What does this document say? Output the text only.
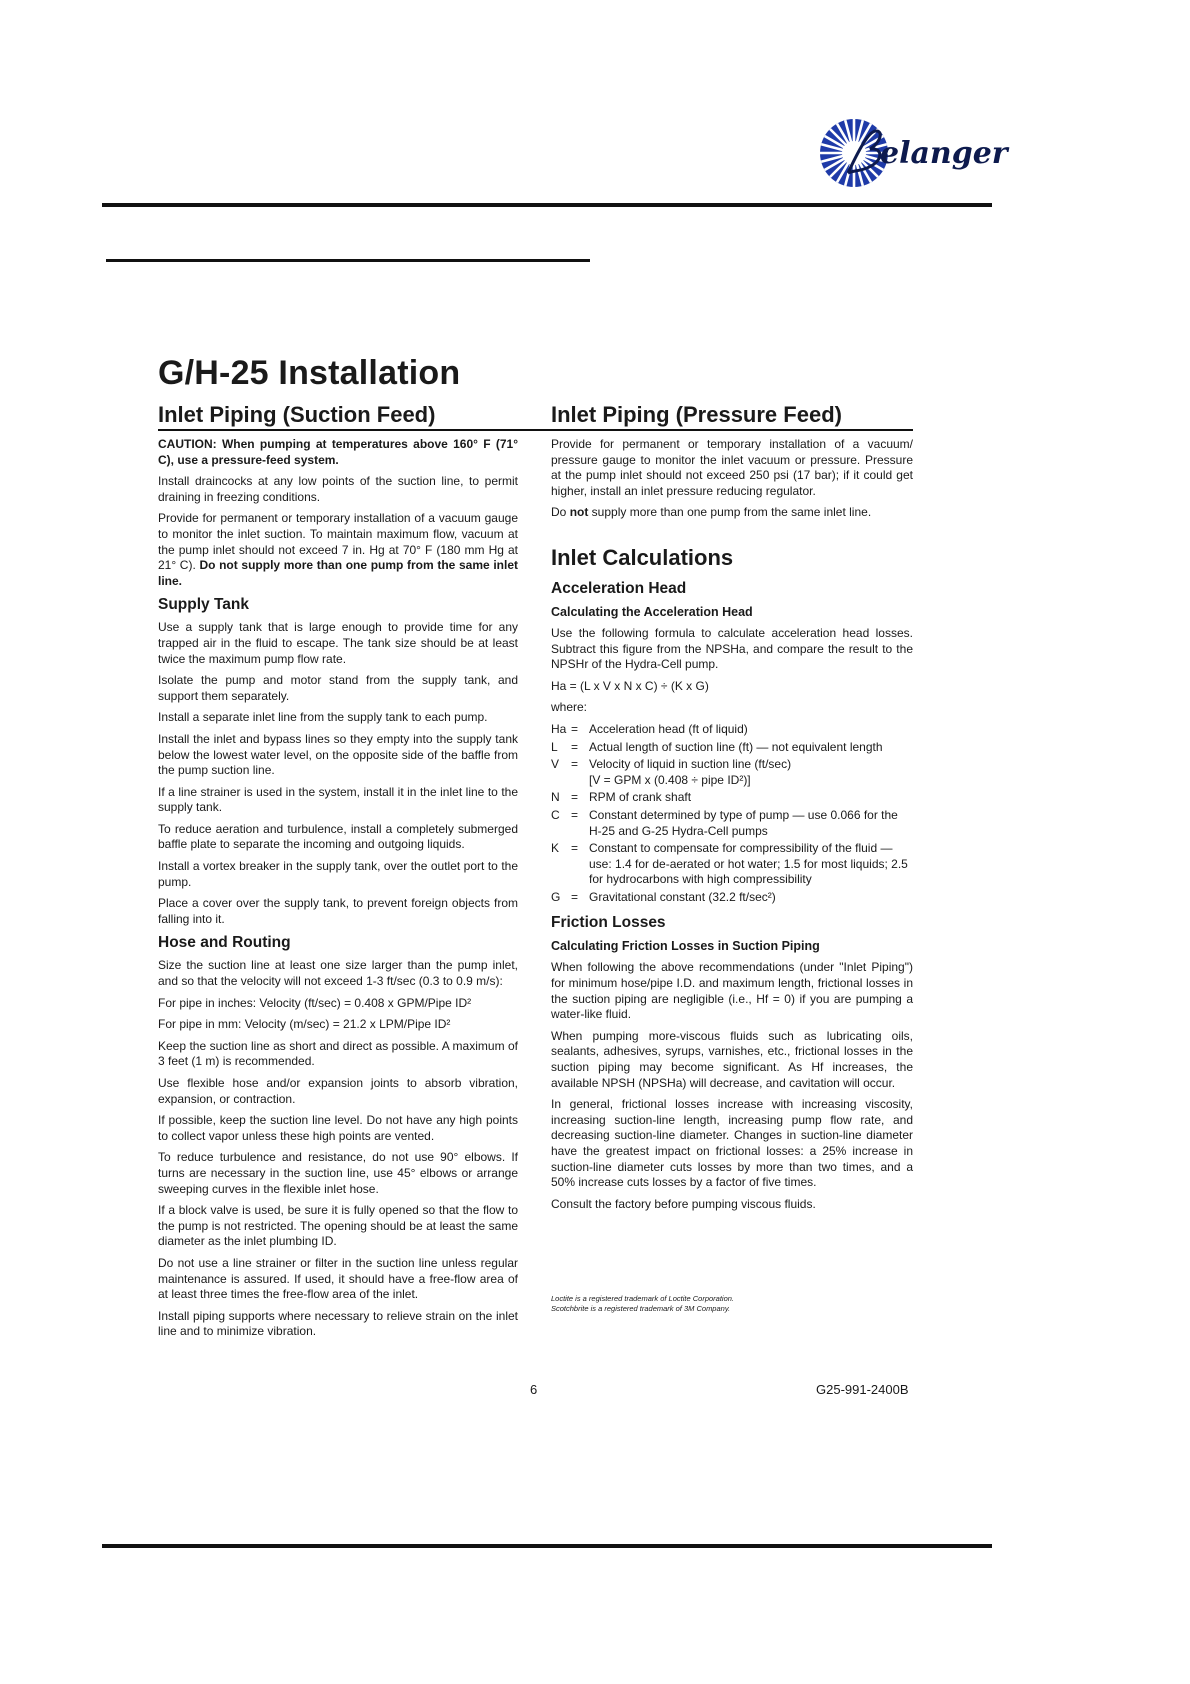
elanger
G/H-25 Installation
Inlet Piping (Suction Feed)

CAUTION: When pumping at temperatures above 160° F (71° C), use a pressure-feed system.

Install draincocks at any low points of the suction line, to permit draining in freezing conditions.

Provide for permanent or temporary installation of a vacuum gauge to monitor the inlet suction. To maintain maximum flow, vacuum at the pump inlet should not exceed 7 in. Hg at 70° F (180 mm Hg at 21° C). Do not supply more than one pump from the same inlet line.

Supply Tank

Use a supply tank that is large enough to provide time for any trapped air in the fluid to escape. The tank size should be at least twice the maximum pump flow rate.

Isolate the pump and motor stand from the supply tank, and support them separately.

Install a separate inlet line from the supply tank to each pump.

Install the inlet and bypass lines so they empty into the supply tank below the lowest water level, on the opposite side of the baffle from the pump suction line.

If a line strainer is used in the system, install it in the inlet line to the supply tank.

To reduce aeration and turbulence, install a completely submerged baffle plate to separate the incoming and outgoing liquids.

Install a vortex breaker in the supply tank, over the outlet port to the pump.

Place a cover over the supply tank, to prevent foreign objects from falling into it.

Hose and Routing

Size the suction line at least one size larger than the pump inlet, and so that the velocity will not exceed 1-3 ft/sec (0.3 to 0.9 m/s):

For pipe in inches: Velocity (ft/sec) = 0.408 x GPM/Pipe ID²

For pipe in mm: Velocity (m/sec) = 21.2 x LPM/Pipe ID²

Keep the suction line as short and direct as possible. A maximum of 3 feet (1 m) is recommended.

Use flexible hose and/or expansion joints to absorb vibration, expansion, or contraction.

If possible, keep the suction line level. Do not have any high points to collect vapor unless these high points are vented.

To reduce turbulence and resistance, do not use 90° elbows. If turns are necessary in the suction line, use 45° elbows or arrange sweeping curves in the flexible inlet hose.

If a block valve is used, be sure it is fully opened so that the flow to the pump is not restricted. The opening should be at least the same diameter as the inlet plumbing ID.

Do not use a line strainer or filter in the suction line unless regular maintenance is assured. If used, it should have a free-flow area of at least three times the free-flow area of the inlet.

Install piping supports where necessary to relieve strain on the inlet line and to minimize vibration.

Inlet Piping (Pressure Feed)

Provide for permanent or temporary installation of a vacuum/ pressure gauge to monitor the inlet vacuum or pressure. Pressure at the pump inlet should not exceed 250 psi (17 bar); if it could get higher, install an inlet pressure reducing regulator.

Do not supply more than one pump from the same inlet line.

Inlet Calculations
Acceleration Head
Calculating the Acceleration Head

Use the following formula to calculate acceleration head losses. Subtract this figure from the NPSHa, and compare the result to the NPSHr of the Hydra-Cell pump.

Ha = (L x V x N x C) ÷ (K x G)

where:

Ha = Acceleration head (ft of liquid)
L	= Actual length of suction line (ft) — not equivalent length
V = Velocity of liquid in suction line (ft/sec)
[V = GPM x (0.408 ÷ pipe ID²)]
N = RPM of crank shaft
C = Constant determined by type of pump — use 0.066 for the H-25 and G-25 Hydra-Cell pumps
K = Constant to compensate for compressibility of the fluid — use: 1.4 for de-aerated or hot water; 1.5 for most liquids; 2.5 for hydrocarbons with high compressibility
G = Gravitational constant (32.2 ft/sec²)
Friction Losses
Calculating Friction Losses in Suction Piping

When following the above recommendations (under "Inlet Piping") for minimum hose/pipe I.D. and maximum length, frictional losses in the suction piping are negligible (i.e., Hf = 0) if you are pumping a water-like fluid.

When pumping more-viscous fluids such as lubricating oils, sealants, adhesives, syrups, varnishes, etc., frictional losses in the suction piping may become significant. As Hf increases, the available NPSH (NPSHa) will decrease, and cavitation will occur.

In general, frictional losses increase with increasing viscosity, increasing suction-line length, increasing pump flow rate, and decreasing suction-line diameter. Changes in suction-line diameter have the greatest impact on frictional losses: a 25% increase in suction-line diameter cuts losses by more than two times, and a 50% increase cuts losses by a factor of five times.

Consult the factory before pumping viscous fluids.

Loctite is a registered trademark of Loctite Corporation.
Scotchbrite is a registered trademark of 3M Company.
6	G25-991-2400B
